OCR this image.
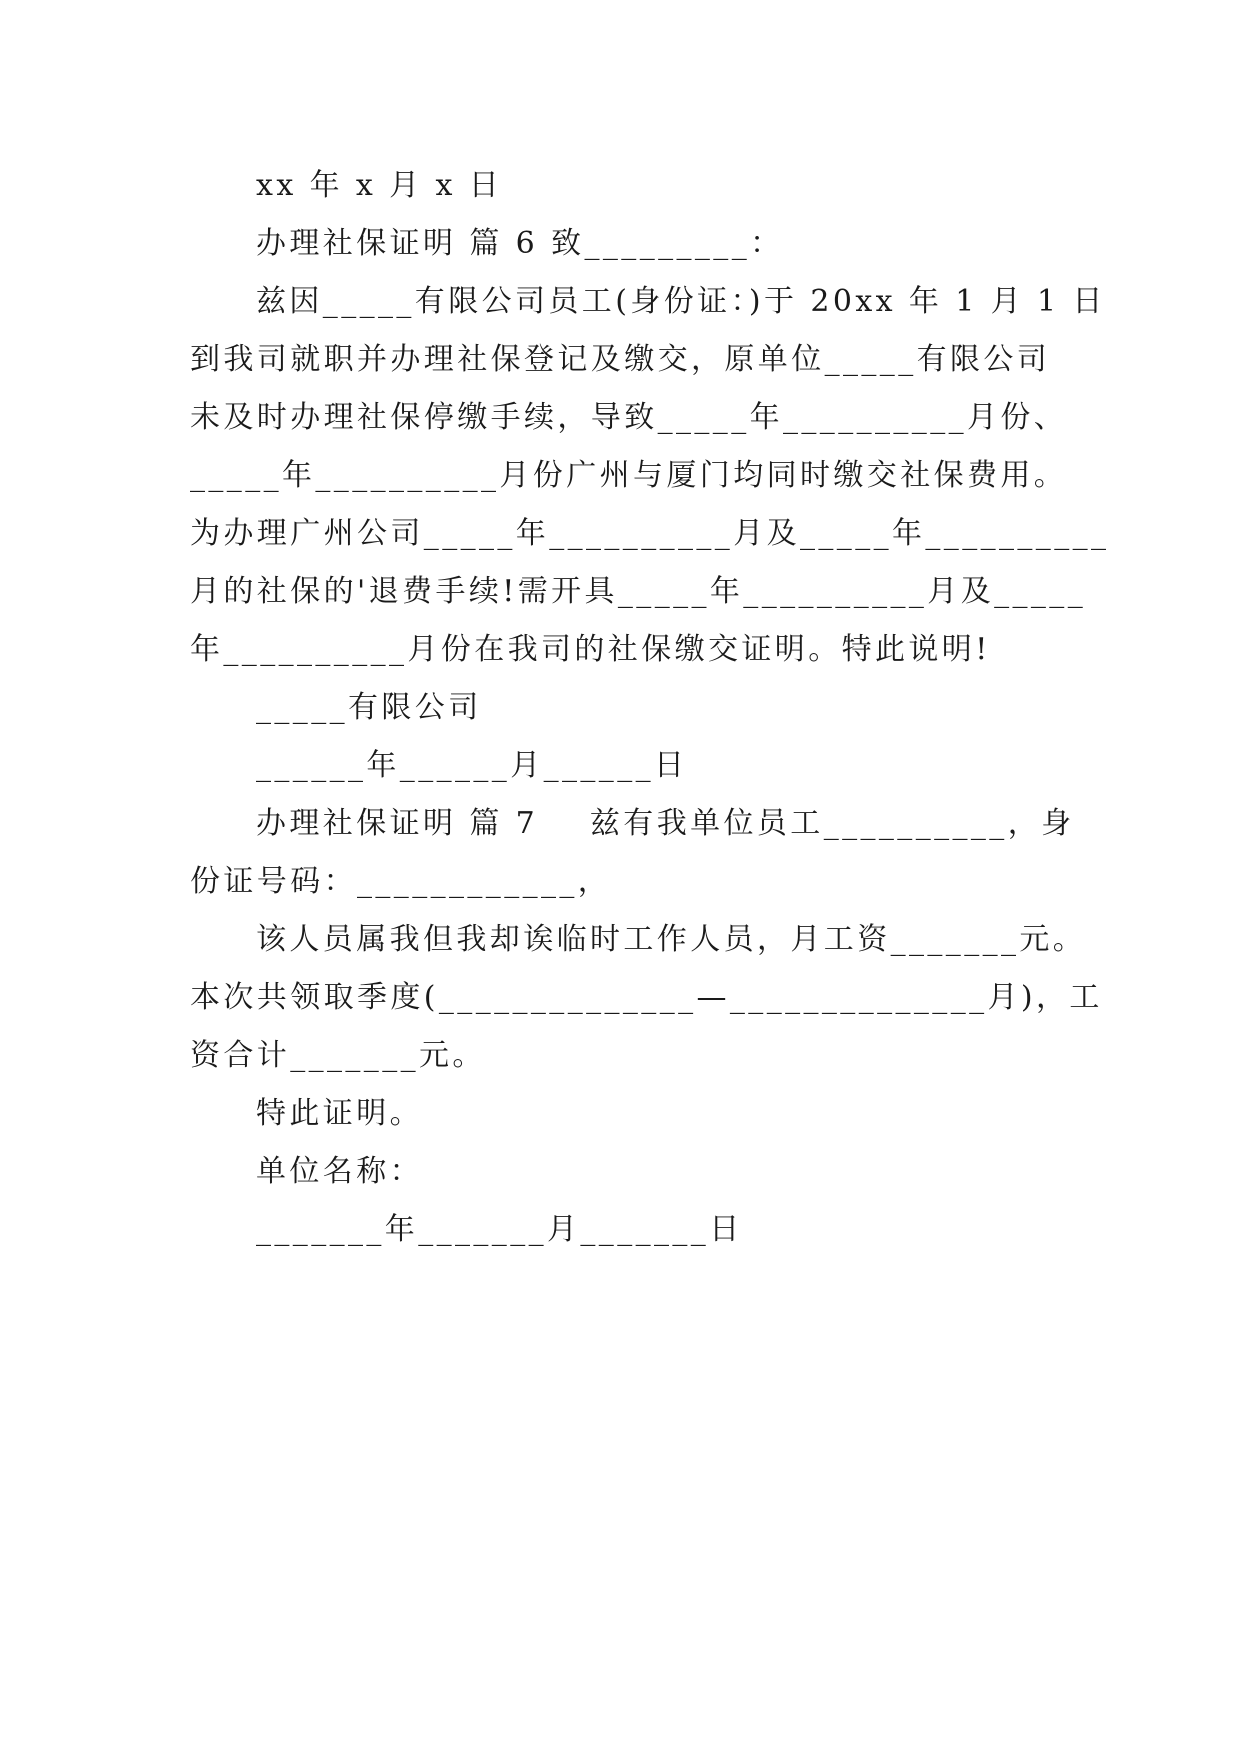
xx 年 x 月 x 日
办理社保证明 篇 6 致_________：
兹因_____有限公司员工(身份证：)于 20xx 年 1 月 1 日
到我司就职并办理社保登记及缴交，原单位_____有限公司
未及时办理社保停缴手续，导致_____年__________月份、
_____年__________月份广州与厦门均同时缴交社保费用。
为办理广州公司_____年__________月及_____年__________
月的社保的'退费手续!需开具_____年__________月及_____
年__________月份在我司的社保缴交证明。特此说明!
_____有限公司
______年______月______日
办理社保证明 篇 7    兹有我单位员工__________，身
份证号码：____________，
该人员属我但我却诶临时工作人员，月工资_______元。
本次共领取季度(______________—______________月)，工
资合计_______元。
特此证明。
单位名称：
_______年_______月_______日
